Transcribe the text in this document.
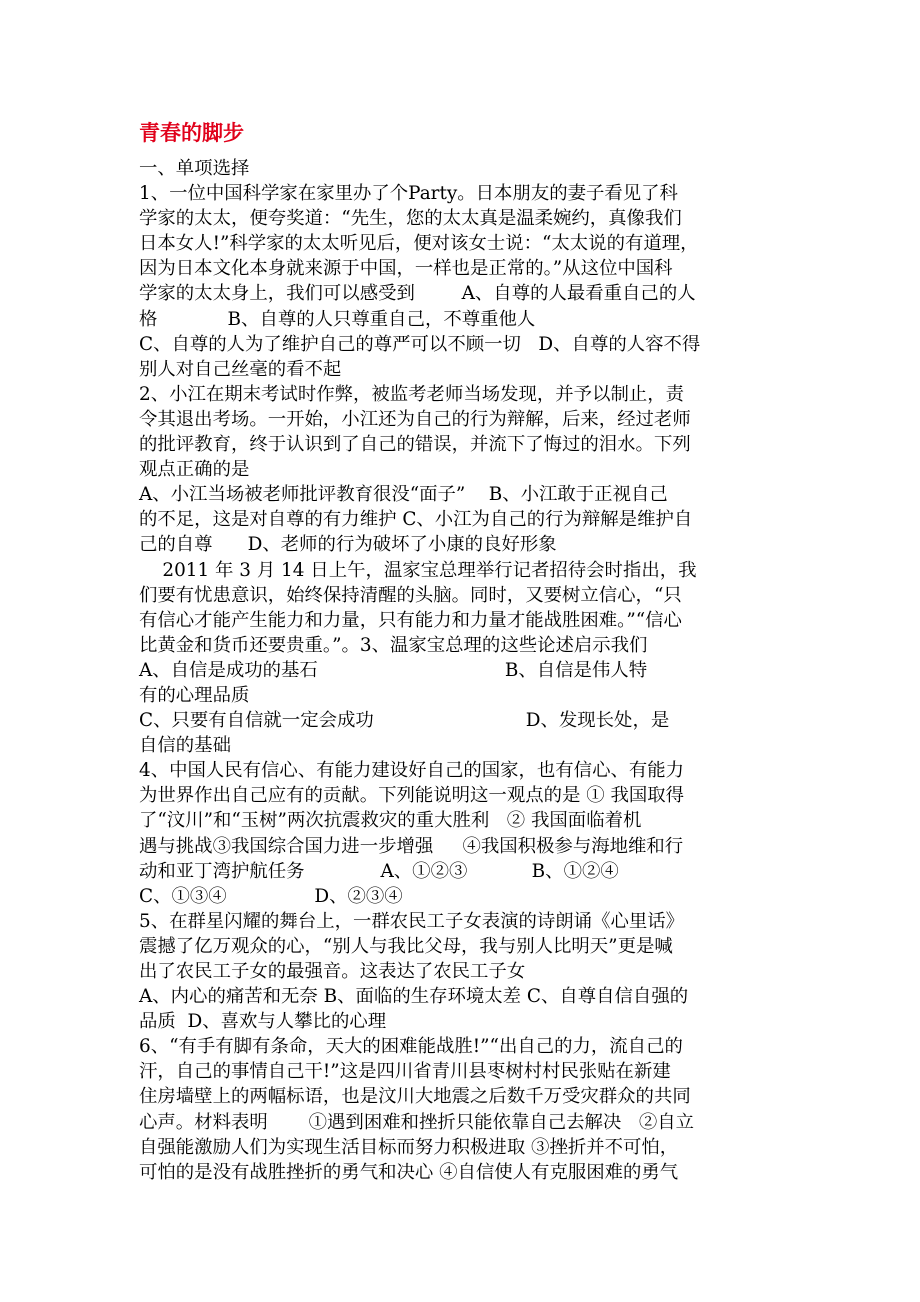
青春的脚步
一、单项选择
1、一位中国科学家在家里办了个Party。日本朋友的妻子看见了科
学家的太太，便夸奖道：“先生，您的太太真是温柔婉约，真像我们
日本女人!”科学家的太太听见后，便对该女士说：“太太说的有道理，
因为日本文化本身就来源于中国，一样也是正常的。”从这位中国科
学家的太太身上，我们可以感受到        A、自尊的人最看重自己的人
格            B、自尊的人只尊重自己，不尊重他人
C、自尊的人为了维护自己的尊严可以不顾一切   D、自尊的人容不得
别人对自己丝毫的看不起
2、小江在期末考试时作弊，被监考老师当场发现，并予以制止，责
令其退出考场。一开始，小江还为自己的行为辩解，后来，经过老师
的批评教育，终于认识到了自己的错误，并流下了悔过的泪水。下列
观点正确的是
A、小江当场被老师批评教育很没“面子”    B、小江敢于正视自己
的不足，这是对自尊的有力维护 C、小江为自己的行为辩解是维护自
己的自尊      D、老师的行为破坏了小康的良好形象
2011 年 3 月 14 日上午，温家宝总理举行记者招待会时指出，我
们要有忧患意识，始终保持清醒的头脑。同时，又要树立信心，“只
有信心才能产生能力和力量，只有能力和力量才能战胜困难。”“信心
比黄金和货币还要贵重。”。3、温家宝总理的这些论述启示我们
A、自信是成功的基石                                B、自信是伟人特
有的心理品质
C、只要有自信就一定会成功                          D、发现长处，是
自信的基础
4、中国人民有信心、有能力建设好自己的国家，也有信心、有能力
为世界作出自己应有的贡献。下列能说明这一观点的是 ① 我国取得
了“汶川”和“玉树”两次抗震救灾的重大胜利   ② 我国面临着机
遇与挑战③我国综合国力进一步增强     ④我国积极参与海地维和行
动和亚丁湾护航任务             A、①②③           B、①②④
C、①③④               D、②③④
5、在群星闪耀的舞台上，一群农民工子女表演的诗朗诵《心里话》
震撼了亿万观众的心，“别人与我比父母，我与别人比明天”更是喊
出了农民工子女的最强音。这表达了农民工子女
A、内心的痛苦和无奈 B、面临的生存环境太差 C、自尊自信自强的
品质  D、喜欢与人攀比的心理
6、“有手有脚有条命，天大的困难能战胜!”“出自己的力，流自己的
汗，自己的事情自己干!”这是四川省青川县枣树村村民张贴在新建
住房墙壁上的两幅标语，也是汶川大地震之后数千万受灾群众的共同
心声。材料表明       ①遇到困难和挫折只能依靠自己去解决   ②自立
自强能激励人们为实现生活目标而努力积极进取 ③挫折并不可怕，
可怕的是没有战胜挫折的勇气和决心 ④自信使人有克服困难的勇气
